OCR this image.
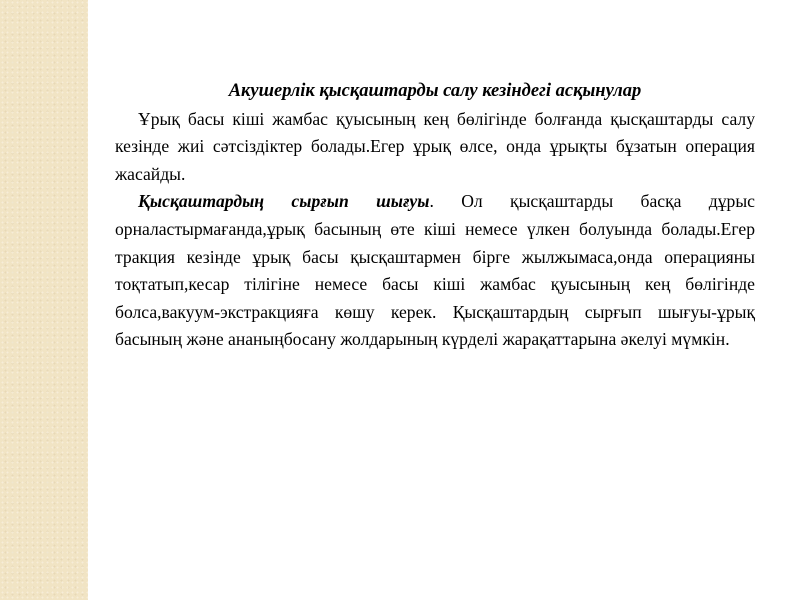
Акушерлік қысқаштарды салу кезіндегі асқынулар

Ұрық басы кіші жамбас қуысының кең бөлігінде болғанда қысқаштарды салу кезінде жиі сәтсіздіктер болады.Егер ұрық өлсе, онда ұрықты бұзатын операция жасайды.

Қысқаштардың сырғып шығуы. Ол қысқаштарды басқа дұрыс орналастырмағанда,ұрық басының өте кіші немесе үлкен болуында болады.Егер тракция кезінде ұрық басы қысқаштармен бірге жылжымаса,онда операцияны тоқтатып,кесар тілігіне немесе басы кіші жамбас қуысының кең бөлігінде болса,вакуум-экстракцияға көшу керек. Қысқаштардың сырғып шығуы-ұрық басының және ананыңбосану жолдарының күрделі жарақаттарына әкелуі мүмкін.
